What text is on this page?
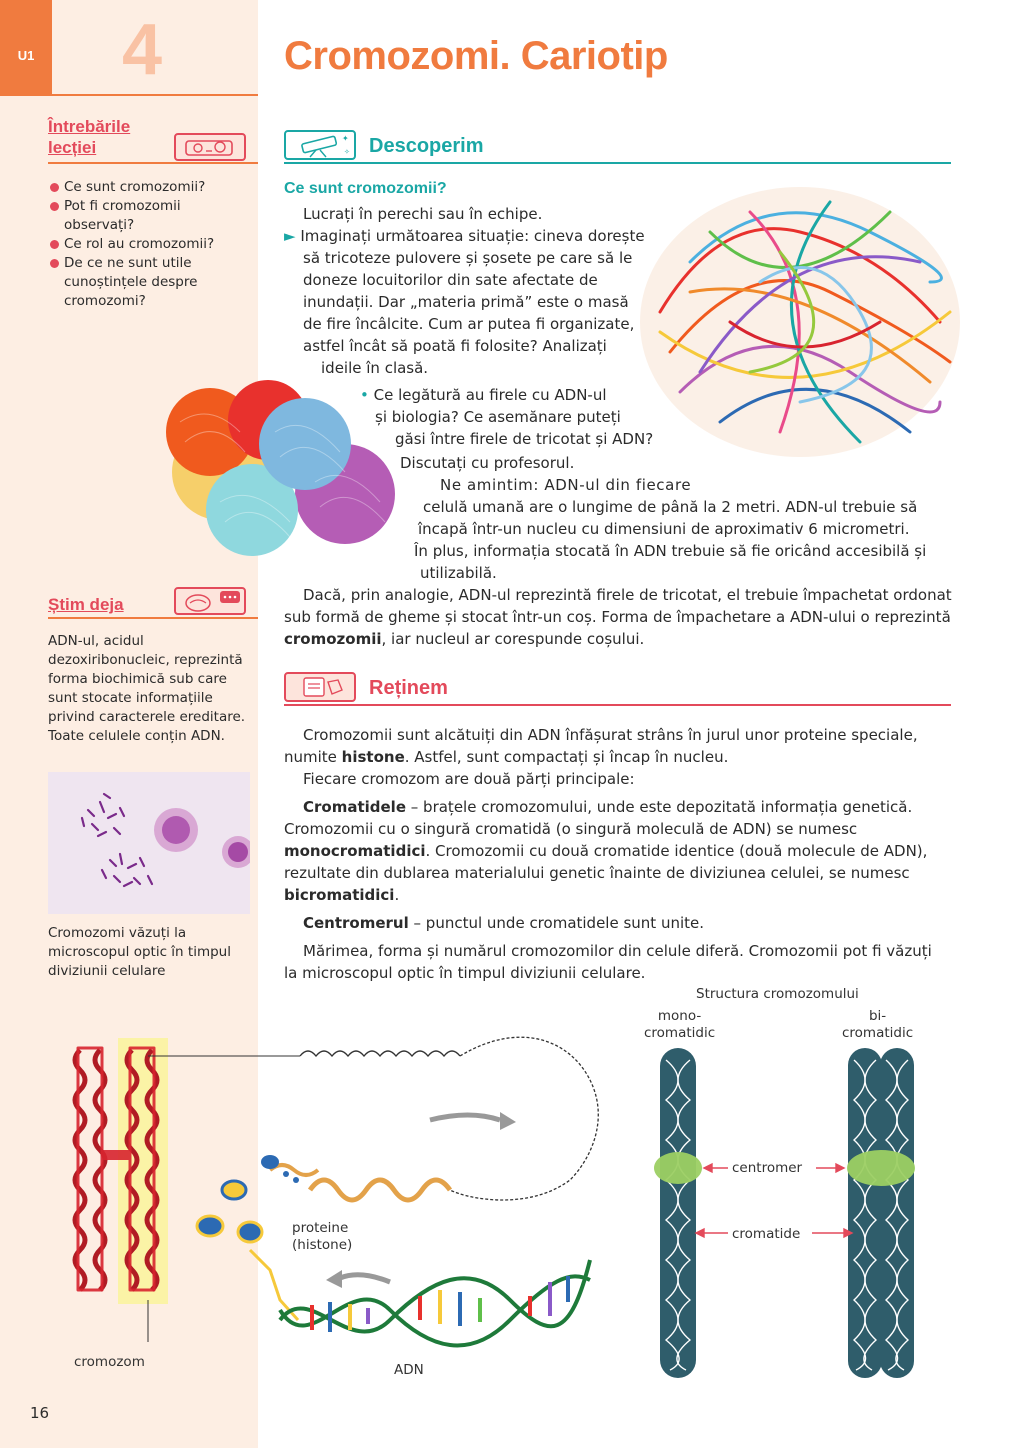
U1 4	Cromozomi. Cariotip
Întrebările lecției
Ce sunt cromozomii?
Pot fi cromozomii observați?
Ce rol au cromozomii?
De ce ne sunt utile cunoștințele despre cromozomi?
Știm deja
ADN-ul, acidul dezoxiribonucleic, reprezintă forma biochimică sub care sunt stocate informațiile privind caracterele ereditare. Toate celulele conțin ADN.
Cromozomi văzuți la microscopul optic în timpul diviziunii celulare
16
✦
✧ Descoperim
Ce sunt cromozomii?
Lucrați în perechi sau în echipe.
► Imaginați următoarea situație: cineva dorește
să tricoteze pulovere și șosete pe care să le
doneze locuitorilor din sate afectate de
inundații. Dar „materia primă” este o masă
de fire încâlcite. Cum ar putea fi organizate,
astfel încât să poată fi folosite? Analizați
ideile în clasă.
• Ce legătură au firele cu ADN-ul
și biologia? Ce asemănare puteți
găsi între firele de tricotat și ADN?
Discutați cu profesorul.
Ne amintim: ADN-ul din fiecare
celulă umană are o lungime de până la 2 metri. ADN-ul trebuie să
încapă într-un nucleu cu dimensiuni de aproximativ 6 micrometri.
În plus, informația stocată în ADN trebuie să fie oricând accesibilă și
utilizabilă.
Dacă, prin analogie, ADN-ul reprezintă firele de tricotat, el trebuie împachetat ordonat
sub formă de gheme și stocat într-un coș. Forma de împachetare a ADN-ului o reprezintă
cromozomii, iar nucleul ar corespunde coșului.
Reținem
Cromozomii sunt alcătuiți din ADN înfășurat strâns în jurul unor proteine speciale,
numite histone. Astfel, sunt compactați și încap în nucleu.
Fiecare cromozom are două părți principale:
Cromatidele – brațele cromozomului, unde este depozitată informația genetică.
Cromozomii cu o singură cromatidă (o singură moleculă de ADN) se numesc
monocromatidici. Cromozomii cu două cromatide identice (două molecule de ADN),
rezultate din dublarea materialului genetic înainte de diviziunea celulei, se numesc
bicromatidici.
Centromerul – punctul unde cromatidele sunt unite.
Mărimea, forma și numărul cromozomilor din celule diferă. Cromozomii pot fi văzuți
la microscopul optic în timpul diviziunii celulare.
cromozom
proteine
(histone)
ADN
Structura cromozomului
mono-
cromatidic
bi-
cromatidic
centromer
cromatide
